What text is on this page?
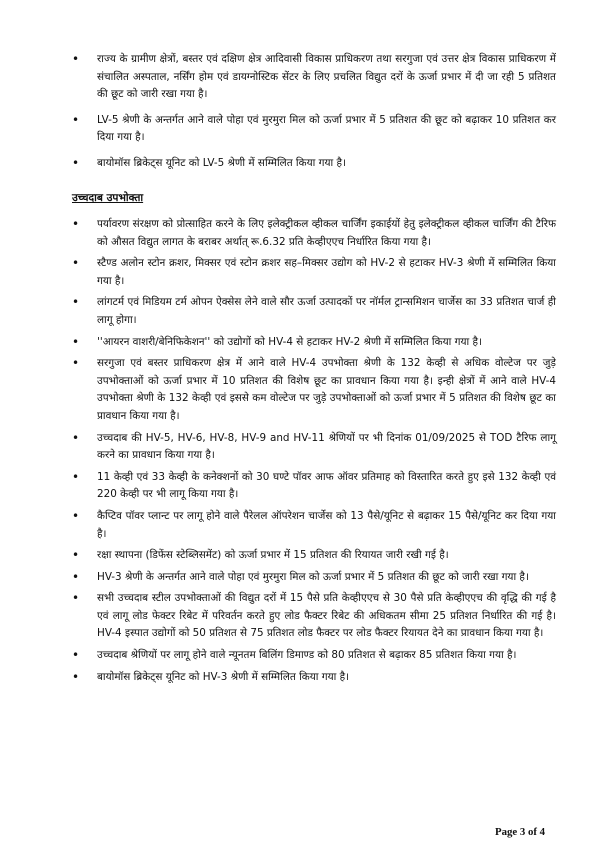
• राज्य के ग्रामीण क्षेत्रों, बस्तर एवं दक्षिण क्षेत्र आदिवासी विकास प्राधिकरण तथा सरगुजा एवं उत्तर क्षेत्र विकास प्राधिकरण में संचालित अस्पताल, नर्सिंग होम एवं डायग्नोस्टिक सेंटर के लिए प्रचलित विद्युत दरों के ऊर्जा प्रभार में दी जा रही 5 प्रतिशत की छूट को जारी रखा गया है।
• LV-5 श्रेणी के अन्तर्गत आने वाले पोहा एवं मुरमुरा मिल को ऊर्जा प्रभार में 5 प्रतिशत की छूट को बढ़ाकर 10 प्रतिशत कर दिया गया है।
• बायोमॉस ब्रिकेट्स यूनिट को LV-5 श्रेणी में सम्मिलित किया गया है।
उच्चदाब उपभोक्ता
• पर्यावरण संरक्षण को प्रोत्साहित करने के लिए इलेक्ट्रीकल व्हीकल चार्जिंग इकाईयों हेतु इलेक्ट्रीकल व्हीकल चार्जिंग की टैरिफ को औसत विद्युत लागत के बराबर अर्थात् रू.6.32 प्रति केव्हीएएच निर्धारित किया गया है।
• स्टैण्ड अलोन स्टोन क्रशर, मिक्सर एवं स्टोन क्रशर सह–मिक्सर उद्योग को HV-2 से हटाकर HV-3 श्रेणी में सम्मिलित किया गया है।
• लांगटर्म एवं मिडियम टर्म ओपन ऐक्सेस लेने वाले सौर ऊर्जा उत्पादकों पर नॉर्मल ट्रान्समिशन चार्जेस का 33 प्रतिशत चार्ज ही लागू होगा।
• ''आयरन वाशरी/बेनिफिकेशन'' को उद्योगों को HV-4 से हटाकर HV-2 श्रेणी में सम्मिलित किया गया है।
• सरगुजा एवं बस्तर प्राधिकरण क्षेत्र में आने वाले HV-4 उपभोक्ता श्रेणी के 132 केव्ही से अधिक वोल्टेज पर जुड़े उपभोक्ताओं को ऊर्जा प्रभार में 10 प्रतिशत की विशेष छूट का प्रावधान किया गया है। इन्ही क्षेत्रों में आने वाले HV-4 उपभोक्ता श्रेणी के 132 केव्ही एवं इससे कम वोल्टेज पर जुड़े उपभोक्ताओं को ऊर्जा प्रभार में 5 प्रतिशत की विशेष छूट का प्रावधान किया गया है।
• उच्चदाब की HV-5, HV-6, HV-8, HV-9 and HV-11 श्रेणियों पर भी दिनांक 01/09/2025 से TOD टैरिफ लागू करने का प्रावधान किया गया है।
• 11 केव्ही एवं 33 केव्ही के कनेक्शनों को 30 घण्टे पॉवर आफ ऑवर प्रतिमाह को विस्तारित करते हुए इसे 132 केव्ही एवं 220 केव्ही पर भी लागू किया गया है।
• कैप्टिव पॉवर प्लान्ट पर लागू होने वाले पैरेलल ऑपरेशन चार्जेस को 13 पैसे/यूनिट से बढ़ाकर 15 पैसे/यूनिट कर दिया गया है।
• रक्षा स्थापना (डिफेंस स्टेब्लिसमेंट) को ऊर्जा प्रभार में 15 प्रतिशत की रियायत जारी रखी गई है।
• HV-3 श्रेणी के अन्तर्गत आने वाले पोहा एवं मुरमुरा मिल को ऊर्जा प्रभार में 5 प्रतिशत की छूट को जारी रखा गया है।
• सभी उच्चदाब स्टील उपभोक्ताओं की विद्युत दरों में 15 पैसे प्रति केव्हीएएच से 30 पैसे प्रति केव्हीएएच की वृद्धि की गई है एवं लागू लोड फेक्टर रिबेट में परिवर्तन करते हुए लोड फैक्टर रिबेट की अधिकतम सीमा 25 प्रतिशत निर्धारित की गई है। HV-4 इस्पात उद्योगों को 50 प्रतिशत से 75 प्रतिशत लोड फैक्टर पर लोड फैक्टर रियायत देने का प्रावधान किया गया है।
• उच्चदाब श्रेणियों पर लागू होने वाले न्यूनतम बिलिंग डिमाण्ड को 80 प्रतिशत से बढ़ाकर 85 प्रतिशत किया गया है।
• बायोमॉस ब्रिकेट्स यूनिट को HV-3 श्रेणी में सम्मिलित किया गया है।
Page 3 of 4
